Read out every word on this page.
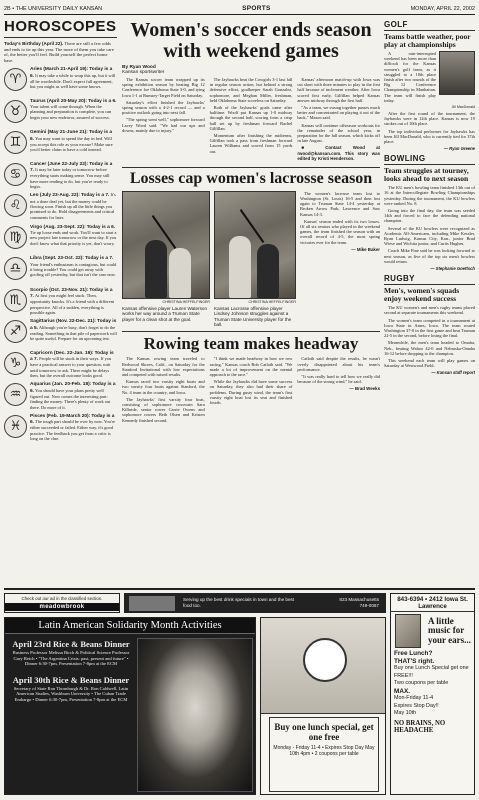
2B • THE UNIVERSITY DAILY KANSAN	SPORTS	MONDAY, APRIL 22, 2002
HOROSCOPES
Today's Birthday (April 22). There are still a few odds and ends to tie up this year. The more of them you take care of, the better you'll feel. Build yourself the perfect home base.
♈
Aries (March 21-April 19): Today is a 6. It may take a while to wrap this up, but it will all be worthwhile. Don't expect full agreement, but you might as well have some knows.
♉
Taurus (April 20-May 20): Today is a 6. Your talent will come through. When the planning and preparation is complete, you can begin your new endeavor, assured of success.
♊
Gemini (May 21-June 21): Today is a 6. You may want to spend the day in bed. Will you accept this role as your excuse? Make sure you'd better claim to have a cold instead.
♋
Cancer (June 22-July 22): Today is a 7. It may be later today or tomorrow before everything starts making sense. You may still have more reading to do, but you're ready to begin.
♌
Leo (July 23-Aug. 22): Today is a 7. It's not a done deal yet, but the money could be flowing soon. Finish up all the little things you promised to do. Hold disagreements and critical comments for later.
♍
Virgo (Aug. 23-Sept. 22): Today is a 6. Tie up loose ends and work. You'll want to start a new project late tomorrow or the next day. If you don't know what that priority is yet, don't worry.
♎
Libra (Sept. 23-Oct. 22): Today is a 7. Your friend's enthusiasm is contagious, but could it bring trouble? You could get away with goofing off yesterday, but that isn't the case now.
♏
Scorpio (Oct. 23-Nov. 21): Today is a 7. At first you might feel stuck. Then, opportunity knocks. It's a friend with a different perspective. All of a sudden, everything is possible again.
♐
Sagittarius (Nov. 22-Dec. 21): Today is a 5. Although you're busy, don't forget to do the reading. Something in that pile of paperwork will be quite useful. Prepare for an upcoming test.
♑
Capricorn (Dec. 22-Jan. 19): Today is a 7. People will be stuck in their ways. If you have a practical answer to your question, wait until tomorrow to ask. There might be delays then, but the overall outcome looks good.
♒
Aquarius (Jan. 20-Feb. 18): Today is a 6. You should have your plans pretty well figured out. Now comes the interesting part: finding the money. There's plenty of work out there. Do more of it.
♓
Pisces (Feb. 19-March 20): Today is a 6. The tough part should be over by now. You're either succeeded or failed. Either way, it's good practice. The feedback you get from a critic is long on the clue.
Women's soccer ends season with weekend games
By Ryan Wood
Kansan sportswriter

The Kansas soccer team wrapped up its spring exhibition season by beating Big 12 Conference foe Oklahoma State 3-0, and tying Iowa 1-1 at Rumsey-Target Field on Saturday.

Saturday's effort finished the Jayhawks' spring season with a 4-2-1 record — and a positive outlook going into next fall.

"The spring went well," sophomore forward Lacey Wood said. "We had our ups and downs, mainly due to injury."

The Jayhawks beat the Cowgirls 3-1 last fall in regular season action, but behind a strong defensive effort, goalkeeper Sarah Gonzalez, sophomore, and Meghan Miller, freshman, held Oklahoma State scoreless on Saturday.

Both of the Jayhawks' goals came after halftime. Woolf put Kansas up 1-0 midway through the second half, scoring from a crisp ball set up by freshman forward Rachel Gilfillan.

Momentum after finishing the midterms, Gilfillan took a pass from freshman forward Lauren Williams and scored from 15 yards out.

Kansas' afternoon match-up with Iowa was cut short with three minutes to play in the first half because of inclement weather. After Iowa scored first early, Gilfillan helped Kansas answer midway through the first half.

"As a team, we swung together passes much better and concentrated on playing it out of the back," Mason said.

Kansas will continue offseason workouts for the remainder of the school year, in preparation for the fall season, which kicks off in late August.

■ Contact Wood at rwood@kansan.com. This story was edited by Kristi Henderson.

Losses cap women's lacrosse season
CHRISTINA HEFFELFINGER
Kansas offensive player Lauren Waterson works her way around a Truman State player for a clean shot at the goal.
CHRISTINA HEFFELFINGER
Kansas Lacrosse offensive player Lindsey Johnson struggles against a Truman State University player for the ball.

The women's lacrosse team lost to Washington (St. Louis) 16-5 and then lost again to Truman State 14-4 yesterday at Broken Arrow Park, Lawrence and Saw Kansas 14-3.

Kansas' season ended with its two losses. Of all six seniors who played in the weekend games, the team finished the season with an overall record of 4-5, the most spring victories ever for the team.

— Mike Baker

Rowing team makes headway

The Kansas rowing team traveled to Redwood Shores, Calif., on Saturday for the Stanford Invitational with low expectations and competed with mixed results.

Kansas raced two varsity eight boats and two varsity four boats against Stanford, the No. 4 team in the country, and Iowa.

The Jayhawks' first varsity four boat, consisting of sophomore coxswain Sara Kilbride, senior rower Carrie Owens and sophomore rowers Beth Olsen and Kristen Kennedy finished second.

"I think we made headway in how we row racing," Kansas coach Rob Catloth said. "We made a lot of improvement on the mental approach to the race."

While the Jayhawks did have some success on Saturday, they also had their share of problems. During gusty wind, the team's first varsity eight boat lost its seat and finished fourth.

Catloth said despite the results, he wasn't overly disappointed about his team's performance.

"It was really hard to tell how we really did because of the strong wind," he said.

— Brad Weeks

GOLF
Teams battle weather, poor play at championships

A rain-interrupted weekend has been more than difficult for the Kansas women's golf team, as it struggled to a 10th place finish after two rounds of the Big 12 Conference Championship in Manhattan. The team will finish play today.

Jill MacDonald

After the first round of the tournament, the Jayhawks were in 12th place. Kansas is now 19 strokes out of 10th place.

The top individual performer for Jayhawks has been Jill MacDonald, who is currently tied for 37th place.

— Ryan Greene
BOWLING
Team struggles at tourney, looks ahead to next season

The KU men's bowling team finished 13th out of 16 at the Intercollegiate Bowling Championships yesterday. During the tournament, the KU bowlers were ranked No. 8.

Going into the final day, the team was seeded 14th and forced to face the defending national champion.

Several of the KU bowlers were recognized as Academic All-Americans, including Mike Kessler, Ryan Ludwig, Kansas City, Kan., junior Brad Wiese and Wichita junior, and Curtis Hughes.

Coach Mike Fine said he was looking forward to next season, as five of the top six men's bowlers would return.

— Stephanie Goettsch
RUGBY
Men's, women's squads enjoy weekend success

The KU women's and men's rugby teams placed second at separate tournaments this weekend.

The women's team competed in a tournament at Iowa State in Ames, Iowa. The team routed Washington 37-0 in the first game and beat Truman 22-5 in the second, before losing the final.

Meanwhile, the men's team headed to Omaha, Neb., beating Wahoo 42-0 and Nebraska-Omaha 16-12 before dropping to the champion.

This weekend each team will play games on Saturday at Westwood Field.

— Kansan staff report
Check out our ad in the classified section.
meadowbrook
Serving up the best drink specials in town and the best food too.
823 Massachusetts
749-0067
Latin American Solidarity Month Activities
April 23rd Rice & Beans Dinner
Business Professor Melissa Birch & Political Science Professor Gary Reich • "The Argentina Crisis: past, present and future" • Dinner 6:30-7pm, Presentation 7-8pm at the ECM
April 30th Rice & Beans Dinner
Secretary of State Ron Thornburgh & Dr. Ron Caldwell, Latin American Studies, Washburn University • The Cuban Trade Embargo • Dinner 6:30-7pm, Presentation 7-8pm at the ECM
Buy one lunch special, get one free
Monday - Friday 11-4 • Expires Stop Day May 10th 4pm • 2 coupons per table
843-6394 • 2412 Iowa St. Lawrence
A little music for your ears...
Free Lunch?
THAT'S right.
Buy one Lunch Special get one FREE!!!
Two coupons per table
MAX.
Mon-Friday 11-4
Expires Stop Day!!
May 10th
NO BRAINS, NO HEADACHE
